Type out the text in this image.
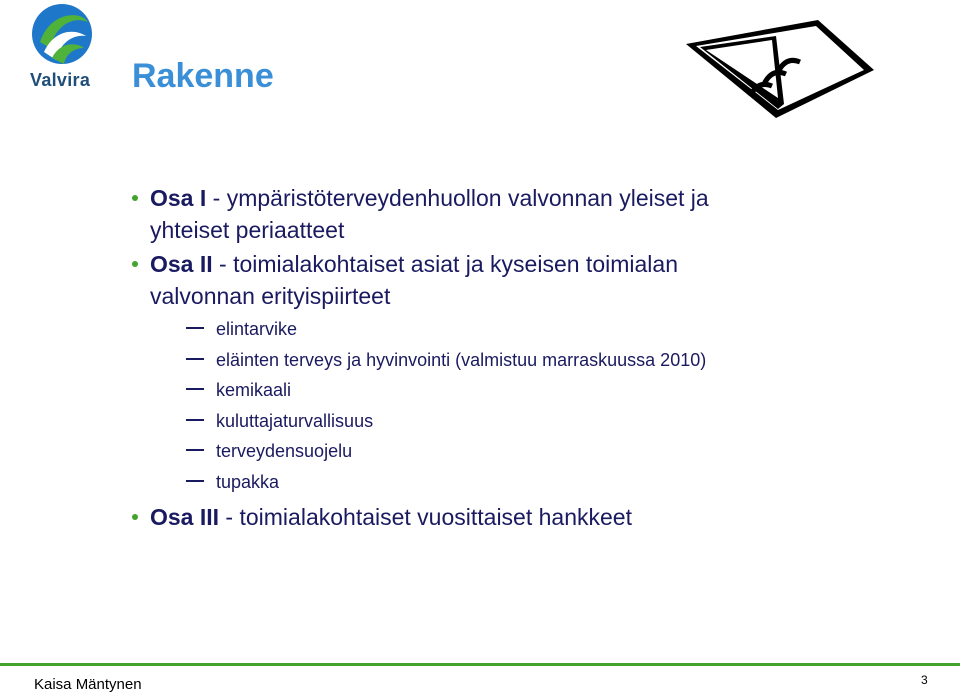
Valvira Rakenne
Osa I - ympäristöterveydenhuollon valvonnan yleiset ja
yhteiset periaatteet
Osa II - toimialakohtaiset asiat ja kyseisen toimialan
valvonnan erityispiirteet
elintarvike
eläinten terveys ja hyvinvointi (valmistuu marraskuussa 2010)
kemikaali
kuluttajaturvallisuus
terveydensuojelu
tupakka
Osa III - toimialakohtaiset vuosittaiset hankkeet
Kaisa Mäntynen	3
